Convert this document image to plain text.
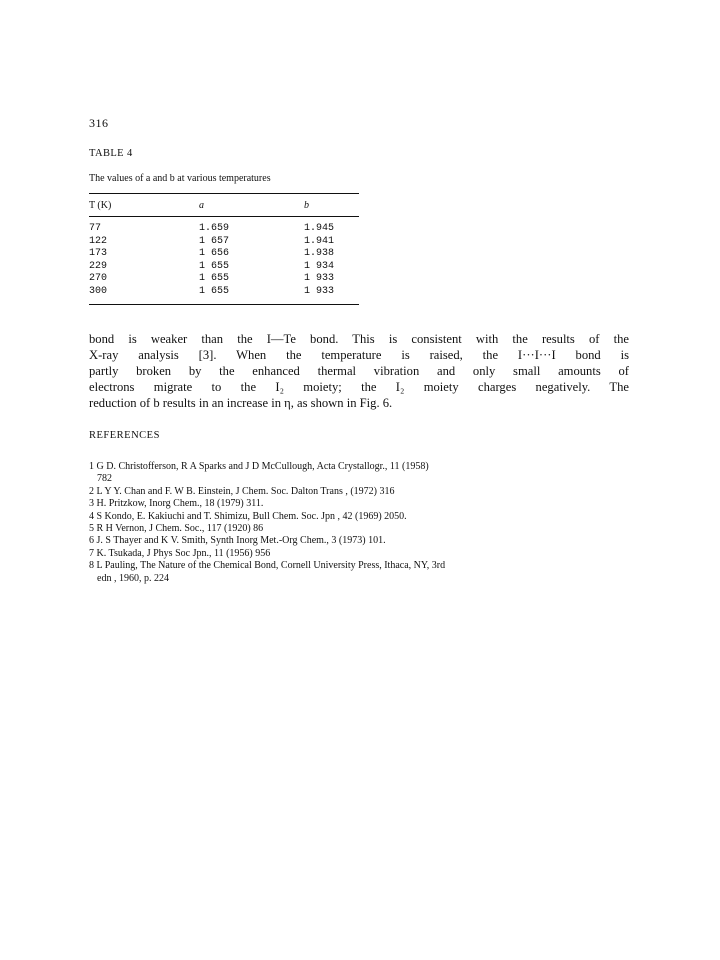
316
TABLE 4
The values of a and b at various temperatures
T (K)	a	b

77	1.659	1.945
122	1 657	1.941
173	1 656	1.938
229	1 655	1 934
270	1 655	1 933
300	1 655	1 933
bond is weaker than the I—Te bond. This is consistent with the results of the
X-ray analysis [3]. When the temperature is raised, the I···I···I bond is
partly broken by the enhanced thermal vibration and only small amounts of
electrons migrate to the I₂ moiety; the I₂ moiety charges negatively. The
reduction of b results in an increase in η, as shown in Fig. 6.
REFERENCES
1 G D. Christofferson, R A Sparks and J D McCullough, Acta Crystallogr., 11 (1958)
782
2 L Y Y. Chan and F. W B. Einstein, J Chem. Soc. Dalton Trans , (1972) 316
3 H. Pritzkow, Inorg Chem., 18 (1979) 311.
4 S Kondo, E. Kakiuchi and T. Shimizu, Bull Chem. Soc. Jpn , 42 (1969) 2050.
5 R H Vernon, J Chem. Soc., 117 (1920) 86
6 J. S Thayer and K V. Smith, Synth Inorg Met.-Org Chem., 3 (1973) 101.
7 K. Tsukada, J Phys Soc Jpn., 11 (1956) 956
8 L Pauling, The Nature of the Chemical Bond, Cornell University Press, Ithaca, NY, 3rd
edn , 1960, p. 224
